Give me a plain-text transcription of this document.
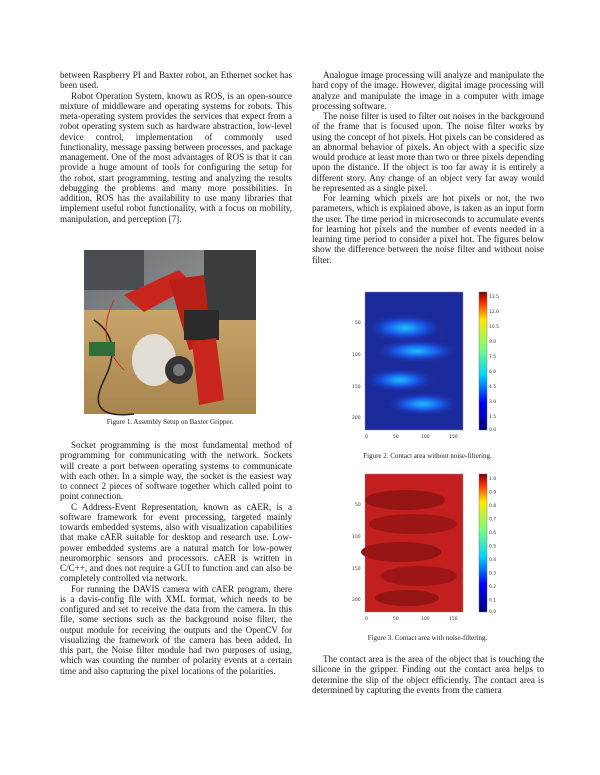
between Raspberry PI and Baxter robot, an Ethernet socket has been used.

Robot Operation System, known as ROS, is an open-source mixture of middleware and operating systems for robots. This meta-operating system provides the services that expect from a robot operating system such as hardware abstraction, low-level device control, implementation of commonly used functionality, message passing between processes, and package management. One of the most advantages of ROS is that it can provide a huge amount of tools for configuring the setup for the robot, start programming, testing and analyzing the results debugging the problems and many more possibilities. In addition, ROS has the availability to use many libraries that implement useful robot functionality, with a focus on mobility, manipulation, and perception [7].

Figure 1. Assembly Setup on Baxter Gripper.

Socket programming is the most fundamental method of programming for communicating with the network. Sockets will create a port between operating systems to communicate with each other. In a simple way, the socket is the easiest way to connect 2 pieces of software together which called point to point connection.

C Address-Event Representation, known as cAER, is a software framework for event processing, targeted mainly towards embedded systems, also with visualization capabilities that make cAER suitable for desktop and research use. Low-power embedded systems are a natural match for low-power neuromorphic sensors and processors. cAER is written in C/C++, and does not require a GUI to function and can also be completely controlled via network.

For running the DAVIS camera with cAER program, there is a davis-config file with XML format, which needs to be configured and set to receive the data from the camera. In this file, some sections such as the background noise filter, the output module for receiving the outputs and the OpenCV for visualizing the framework of the camera has been added. In this part, the Noise filter module had two purposes of using, which was counting the number of polarity events at a certain time and also capturing the pixel locations of the polarities.

Analogue image processing will analyze and manipulate the hard copy of the image. However, digital image processing will analyze and manipulate the image in a computer with image processing software.

The noise filter is used to filter out noises in the background of the frame that is focused upon. The noise filter works by using the concept of hot pixels. Hot pixels can be considered as an abnormal behavior of pixels. An object with a specific size would produce at least more than two or three pixels depending upon the distance. If the object is too far away it is entirely a different story. Any change of an object very far away would be represented as a single pixel.

For learning which pixels are hot pixels or not, the two parameters, which is explained above, is taken as an input form the user. The time period in microseconds to accumulate events for learning hot pixels and the number of events needed in a learning time period to consider a pixel hot. The figures below show the difference between the noise filter and without noise filter.

13.5
12.0
10.5
9.0
7.5
6.0
4.5
3.0
1.5
0.0
50
100
150
200
0	50	100	150
Figure 2. Contact area without noise-filtering.
1.0
0.9
0.8
0.7
0.6
0.5
0.4
0.3
0.2
0.1
0.0
50
100
150
200
0	50	100	150
Figure 3. Contact area with noise-filtering.

The contact area is the area of the object that is touching the silicone in the gripper. Finding out the contact area helps to determine the slip of the object efficiently. The contact area is determined by capturing the events from the camera
